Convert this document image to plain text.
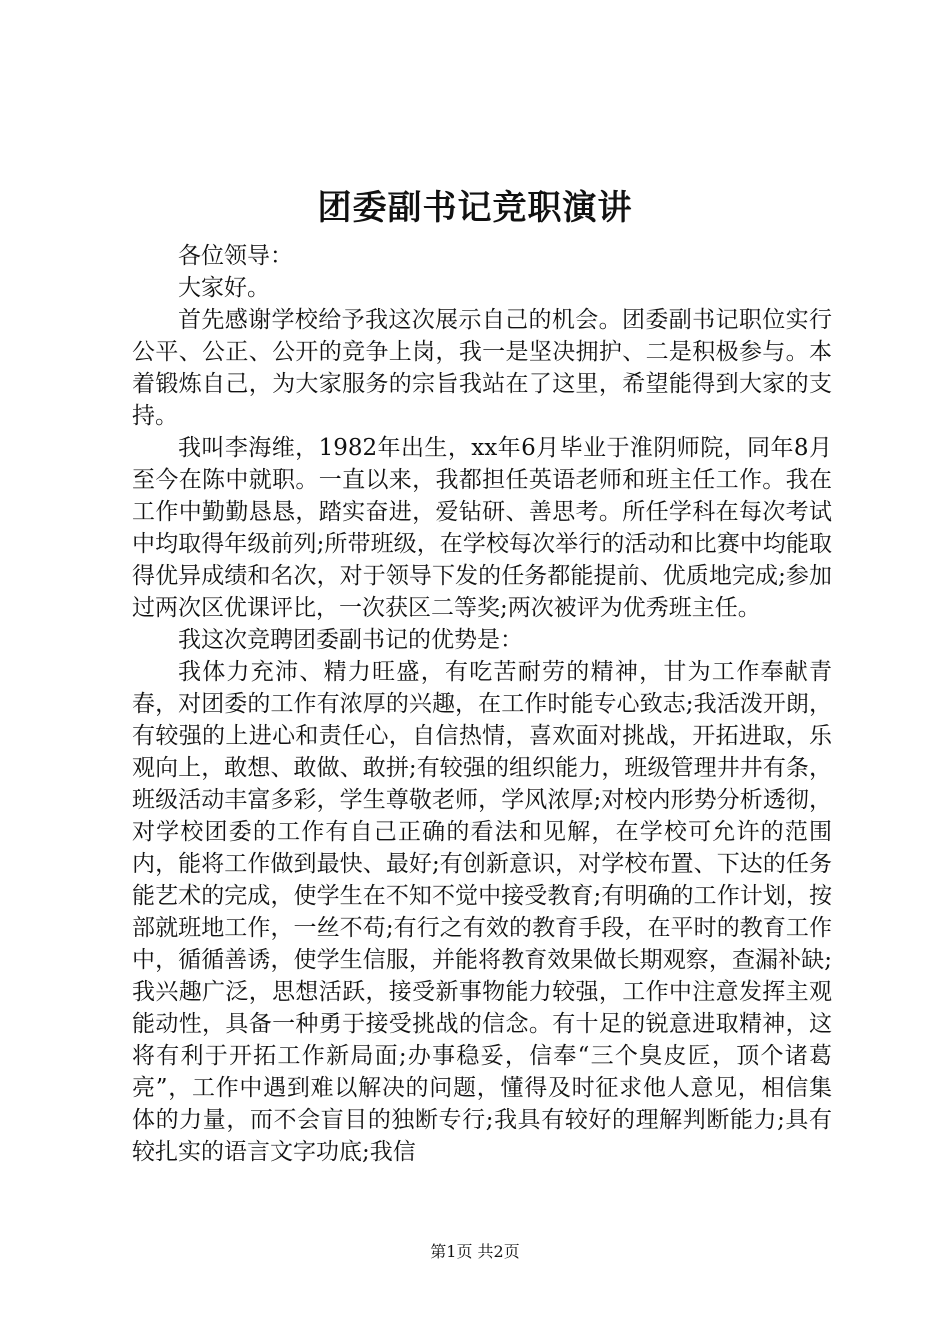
团委副书记竞职演讲

各位领导：

大家好。

首先感谢学校给予我这次展示自己的机会。团委副书记职位实行公平、公正、公开的竞争上岗，我一是坚决拥护、二是积极参与。本着锻炼自己，为大家服务的宗旨我站在了这里，希望能得到大家的支持。

我叫李海维，1982年出生，xx年6月毕业于淮阴师院，同年8月至今在陈中就职。一直以来，我都担任英语老师和班主任工作。我在工作中勤勤恳恳，踏实奋进，爱钻研、善思考。所任学科在每次考试中均取得年级前列;所带班级，在学校每次举行的活动和比赛中均能取得优异成绩和名次，对于领导下发的任务都能提前、优质地完成;参加过两次区优课评比，一次获区二等奖;两次被评为优秀班主任。

我这次竞聘团委副书记的优势是：

我体力充沛、精力旺盛，有吃苦耐劳的精神，甘为工作奉献青春，对团委的工作有浓厚的兴趣，在工作时能专心致志;我活泼开朗，有较强的上进心和责任心，自信热情，喜欢面对挑战，开拓进取，乐观向上，敢想、敢做、敢拼;有较强的组织能力，班级管理井井有条，班级活动丰富多彩，学生尊敬老师，学风浓厚;对校内形势分析透彻，对学校团委的工作有自己正确的看法和见解，在学校可允许的范围内，能将工作做到最快、最好;有创新意识，对学校布置、下达的任务能艺术的完成，使学生在不知不觉中接受教育;有明确的工作计划，按部就班地工作，一丝不苟;有行之有效的教育手段，在平时的教育工作中，循循善诱，使学生信服，并能将教育效果做长期观察，查漏补缺;我兴趣广泛，思想活跃，接受新事物能力较强，工作中注意发挥主观能动性，具备一种勇于接受挑战的信念。有十足的锐意进取精神，这将有利于开拓工作新局面;办事稳妥，信奉“三个臭皮匠，顶个诸葛亮”，工作中遇到难以解决的问题，懂得及时征求他人意见，相信集体的力量，而不会盲目的独断专行;我具有较好的理解判断能力;具有较扎实的语言文字功底;我信

第1页 共2页
